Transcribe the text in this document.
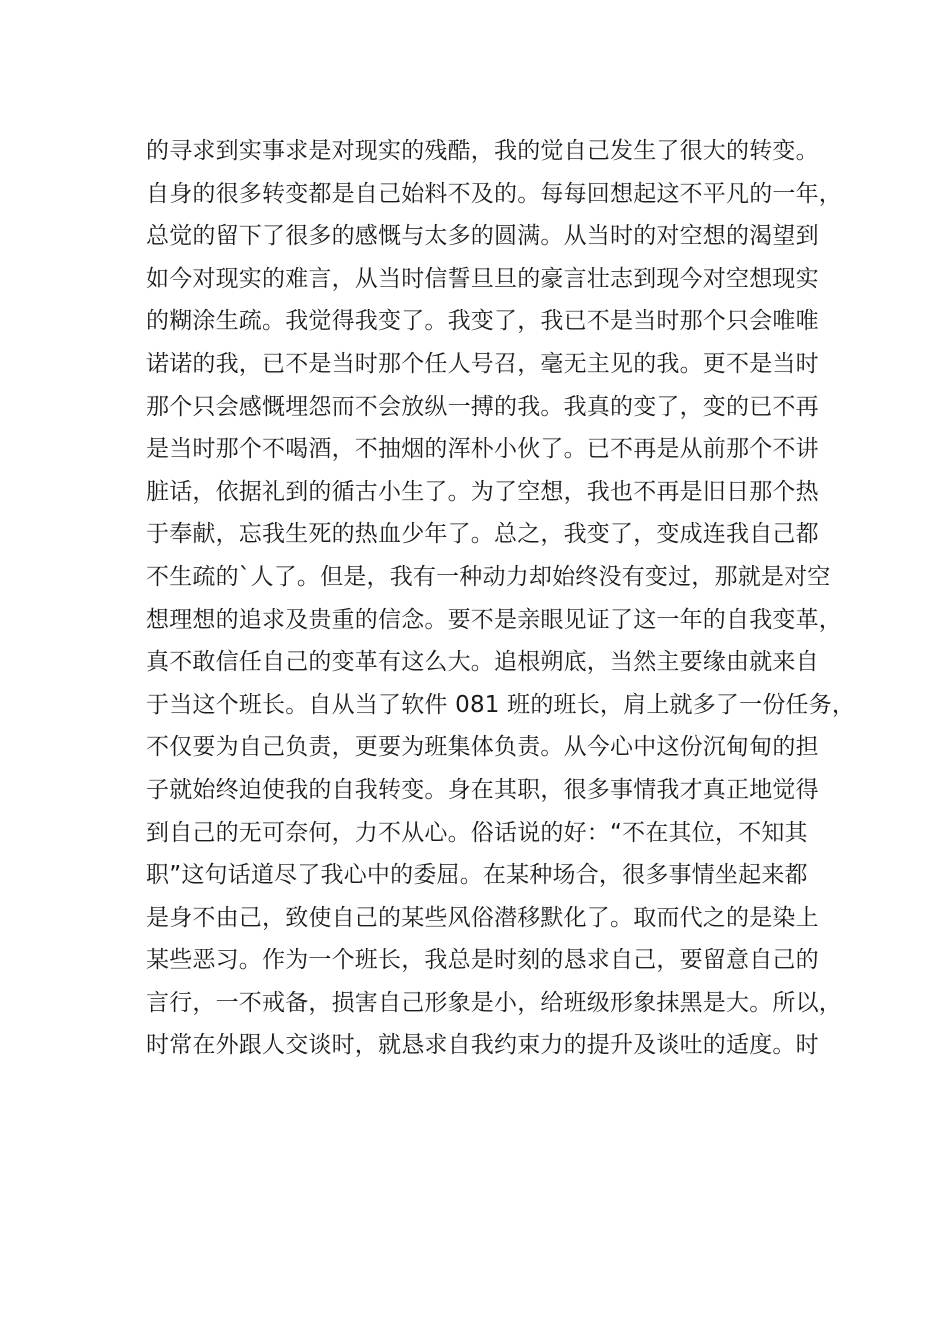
的寻求到实事求是对现实的残酷，我的觉自己发生了很大的转变。
自身的很多转变都是自己始料不及的。每每回想起这不平凡的一年，
总觉的留下了很多的感慨与太多的圆满。从当时的对空想的渴望到
如今对现实的难言，从当时信誓旦旦的豪言壮志到现今对空想现实
的糊涂生疏。我觉得我变了。我变了，我已不是当时那个只会唯唯
诺诺的我，已不是当时那个任人号召，毫无主见的我。更不是当时
那个只会感慨埋怨而不会放纵一搏的我。我真的变了，变的已不再
是当时那个不喝酒，不抽烟的浑朴小伙了。已不再是从前那个不讲
脏话，依据礼到的循古小生了。为了空想，我也不再是旧日那个热
于奉献，忘我生死的热血少年了。总之，我变了，变成连我自己都
不生疏的`人了。但是，我有一种动力却始终没有变过，那就是对空
想理想的追求及贵重的信念。要不是亲眼见证了这一年的自我变革，
真不敢信任自己的变革有这么大。追根朔底，当然主要缘由就来自
于当这个班长。自从当了软件 081 班的班长，肩上就多了一份任务，
不仅要为自己负责，更要为班集体负责。从今心中这份沉甸甸的担
子就始终迫使我的自我转变。身在其职，很多事情我才真正地觉得
到自己的无可奈何，力不从心。俗话说的好：“不在其位，不知其
职”这句话道尽了我心中的委屈。在某种场合，很多事情坐起来都
是身不由己，致使自己的某些风俗潜移默化了。取而代之的是染上
某些恶习。作为一个班长，我总是时刻的恳求自己，要留意自己的
言行，一不戒备，损害自己形象是小，给班级形象抹黑是大。所以，
时常在外跟人交谈时，就恳求自我约束力的提升及谈吐的适度。时
